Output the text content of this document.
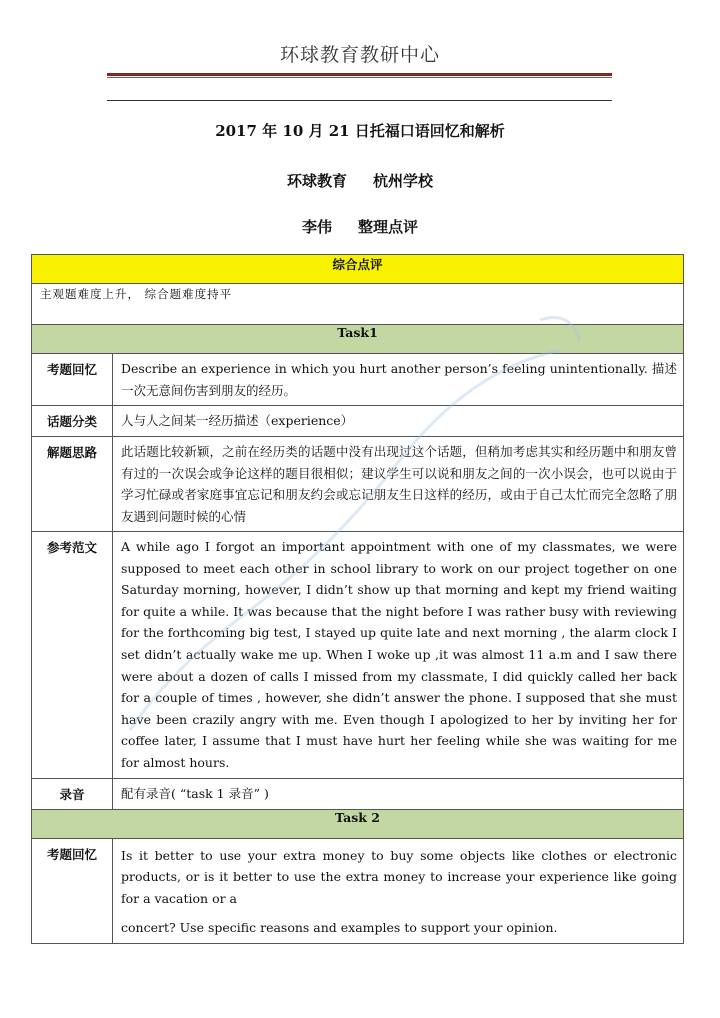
环球教育教研中心
2017 年 10 月 21 日托福口语回忆和解析
环球教育 杭州学校
李伟 整理点评
综合点评	
主观题难度上升， 综合题难度持平	
Task1	
考题回忆	Describe an experience in which you hurt another person’s feeling unintentionally. 描述一次无意间伤害到朋友的经历。
话题分类	人与人之间某一经历描述（experience）
解题思路	此话题比较新颖，之前在经历类的话题中没有出现过这个话题，但稍加考虑其实和经历题中和朋友曾有过的一次误会或争论这样的题目很相似；建议学生可以说和朋友之间的一次小误会，也可以说由于学习忙碌或者家庭事宜忘记和朋友约会或忘记朋友生日这样的经历，或由于自己太忙而完全忽略了朋友遇到问题时候的心情
参考范文	A while ago I forgot an important appointment with one of my classmates, we were supposed to meet each other in school library to work on our project together on one Saturday morning, however, I didn’t show up that morning and kept my friend waiting for quite a while. It was because that the night before I was rather busy with reviewing for the forthcoming big test, I stayed up quite late and next morning , the alarm clock I set didn’t actually wake me up. When I woke up ,it was almost 11 a.m and I saw there were about a dozen of calls I missed from my classmate, I did quickly called her back for a couple of times , however, she didn’t answer the phone. I supposed that she must have been crazily angry with me. Even though I apologized to her by inviting her for coffee later, I assume that I must have hurt her feeling while she was waiting for me for almost hours.
录音	配有录音( “task 1 录音” )
Task 2	
考题回忆	Is it better to use your extra money to buy some objects like clothes or electronic products, or is it better to use the extra money to increase your experience like going for a vacation or a
concert? Use specific reasons and examples to support your opinion.
